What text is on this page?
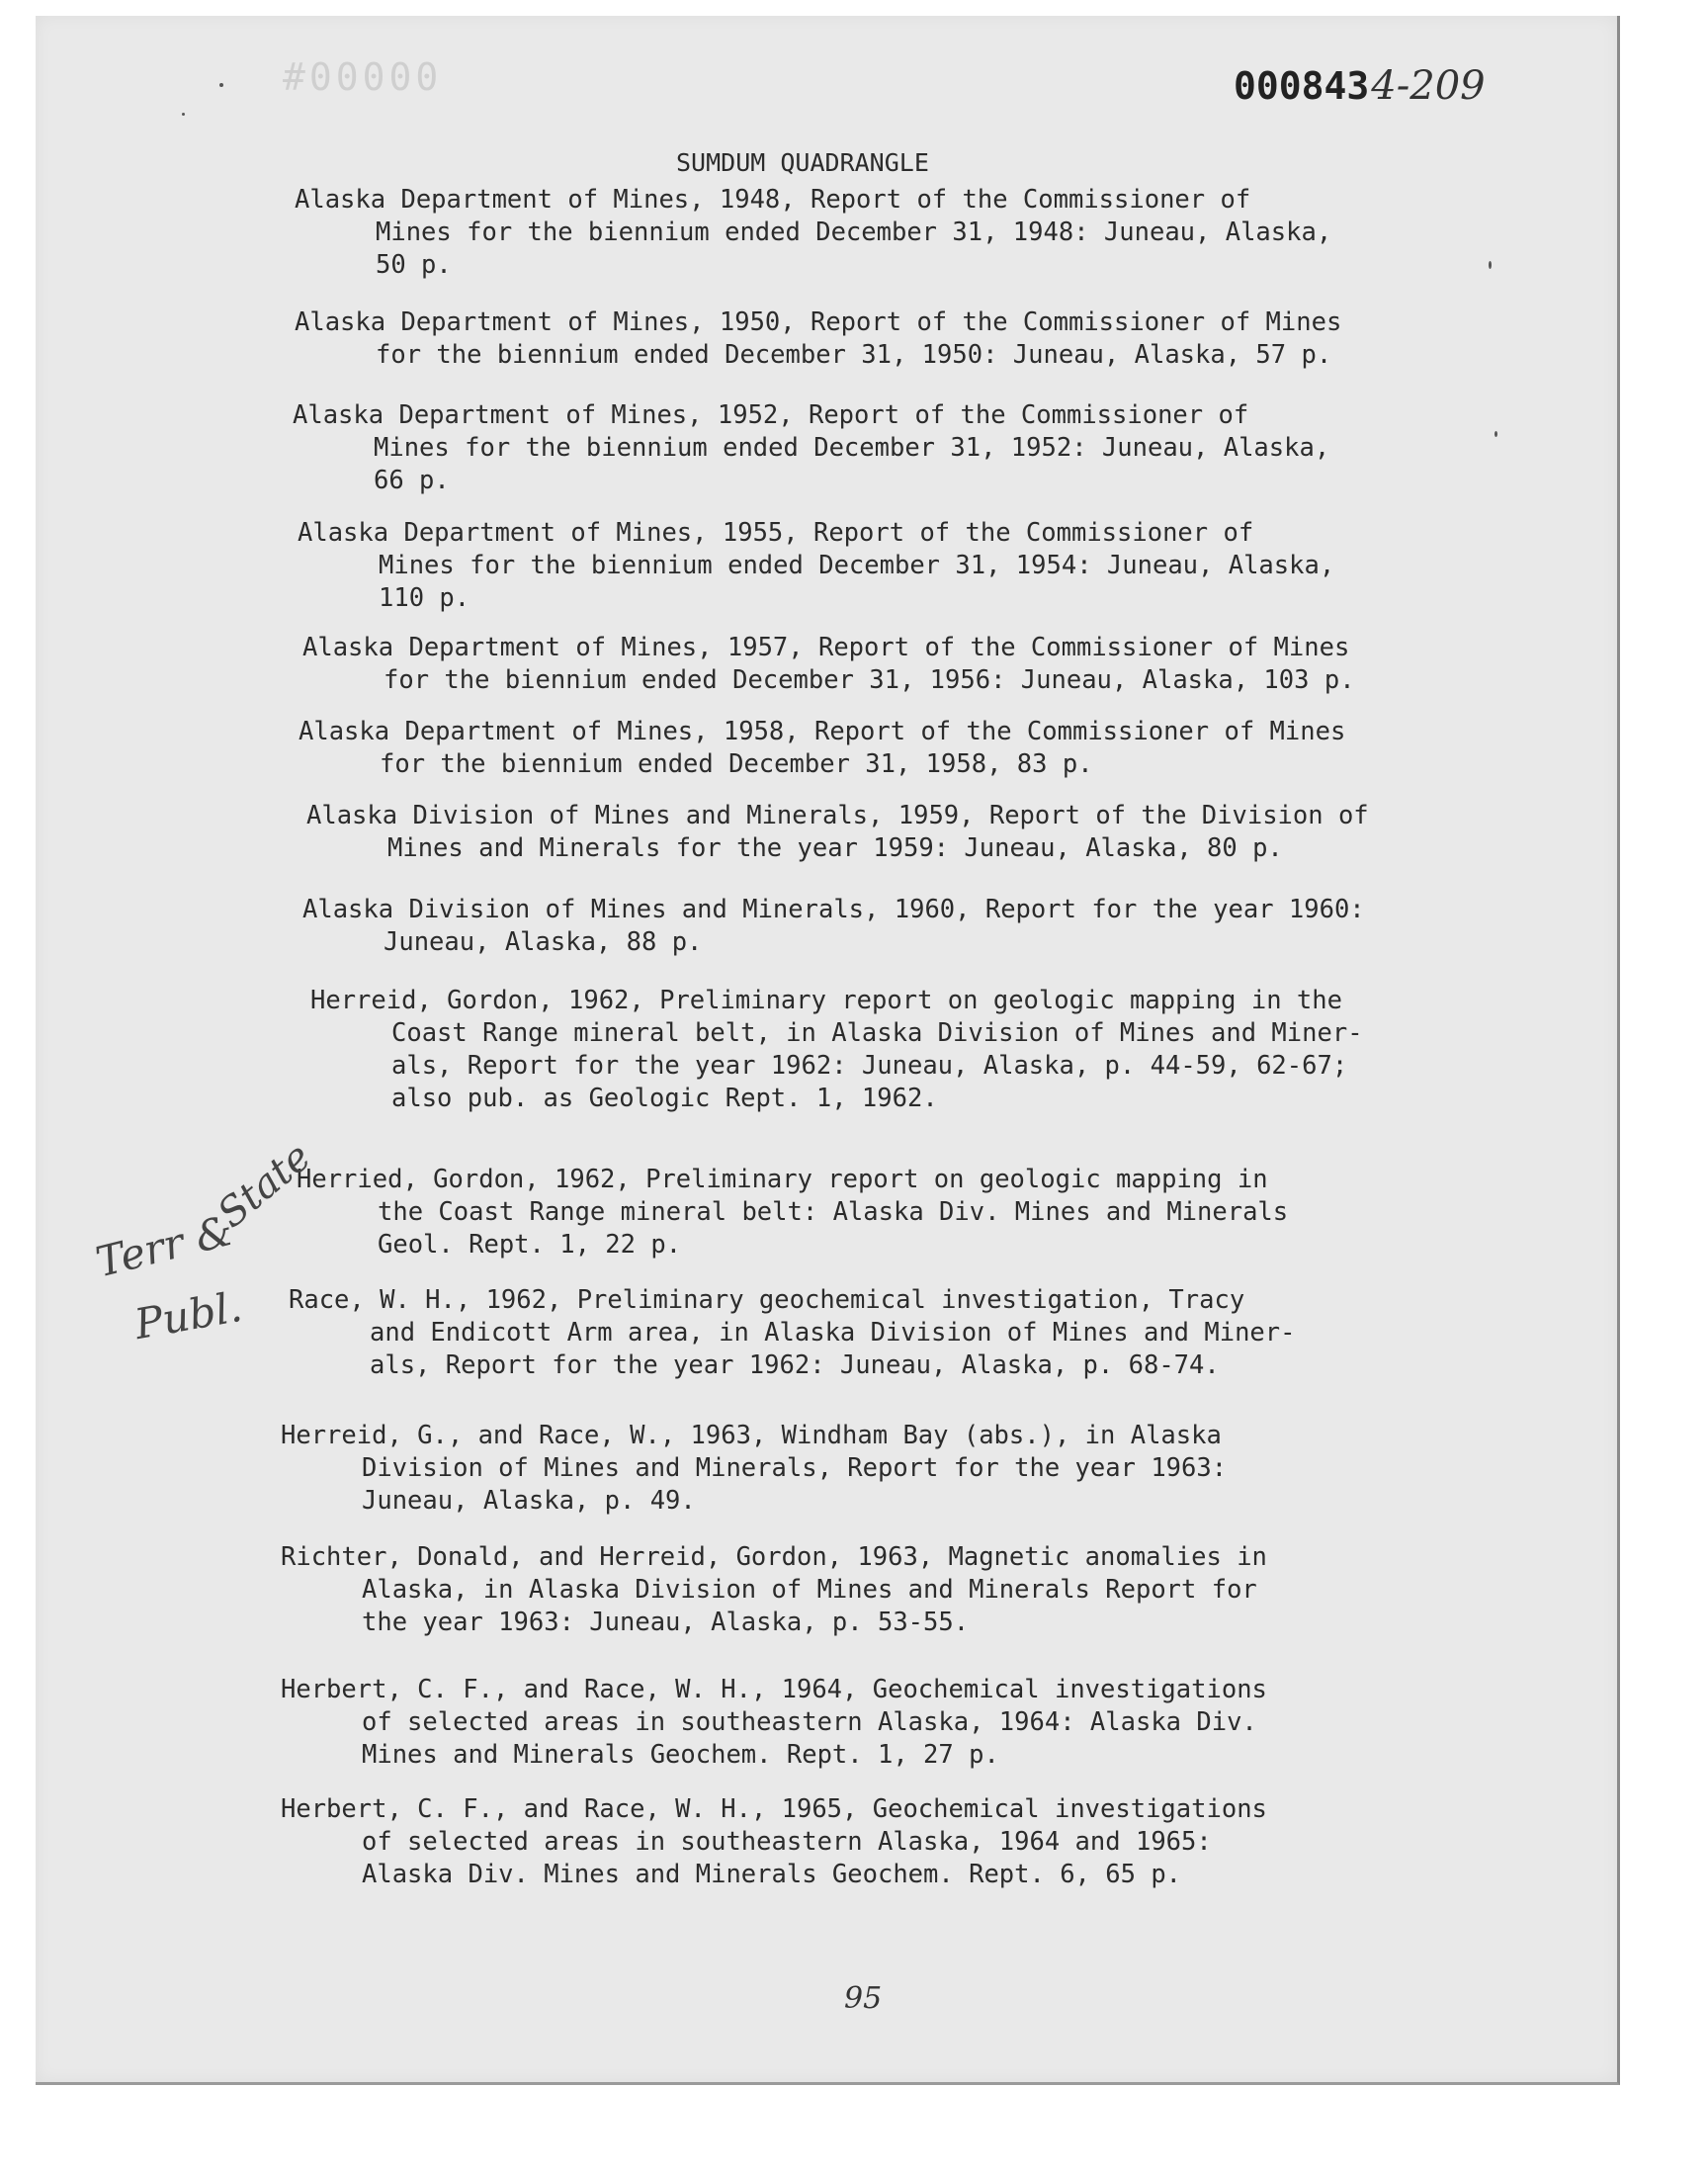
#00000	0008434-209
SUMDUM QUADRANGLE
Alaska Department of Mines, 1948, Report of the Commissioner of
Mines for the biennium ended December 31, 1948: Juneau, Alaska,
50 p.
Alaska Department of Mines, 1950, Report of the Commissioner of Mines
for the biennium ended December 31, 1950: Juneau, Alaska, 57 p.
Alaska Department of Mines, 1952, Report of the Commissioner of
Mines for the biennium ended December 31, 1952: Juneau, Alaska,
66 p.
Alaska Department of Mines, 1955, Report of the Commissioner of
Mines for the biennium ended December 31, 1954: Juneau, Alaska,
110 p.
Alaska Department of Mines, 1957, Report of the Commissioner of Mines
for the biennium ended December 31, 1956: Juneau, Alaska, 103 p.
Alaska Department of Mines, 1958, Report of the Commissioner of Mines
for the biennium ended December 31, 1958, 83 p.
Alaska Division of Mines and Minerals, 1959, Report of the Division of
Mines and Minerals for the year 1959: Juneau, Alaska, 80 p.
Alaska Division of Mines and Minerals, 1960, Report for the year 1960:
Juneau, Alaska, 88 p.
Herreid, Gordon, 1962, Preliminary report on geologic mapping in the
Coast Range mineral belt, in Alaska Division of Mines and Miner-
als, Report for the year 1962: Juneau, Alaska, p. 44-59, 62-67;
also pub. as Geologic Rept. 1, 1962.
Herried, Gordon, 1962, Preliminary report on geologic mapping in
the Coast Range mineral belt: Alaska Div. Mines and Minerals
Geol. Rept. 1, 22 p.
Race, W. H., 1962, Preliminary geochemical investigation, Tracy
and Endicott Arm area, in Alaska Division of Mines and Miner-
als, Report for the year 1962: Juneau, Alaska, p. 68-74.
Herreid, G., and Race, W., 1963, Windham Bay (abs.), in Alaska
Division of Mines and Minerals, Report for the year 1963:
Juneau, Alaska, p. 49.
Richter, Donald, and Herreid, Gordon, 1963, Magnetic anomalies in
Alaska, in Alaska Division of Mines and Minerals Report for
the year 1963: Juneau, Alaska, p. 53-55.
Herbert, C. F., and Race, W. H., 1964, Geochemical investigations
of selected areas in southeastern Alaska, 1964: Alaska Div.
Mines and Minerals Geochem. Rept. 1, 27 p.
Herbert, C. F., and Race, W. H., 1965, Geochemical investigations
of selected areas in southeastern Alaska, 1964 and 1965:
Alaska Div. Mines and Minerals Geochem. Rept. 6, 65 p.
Terr &
State
Publ.
95
